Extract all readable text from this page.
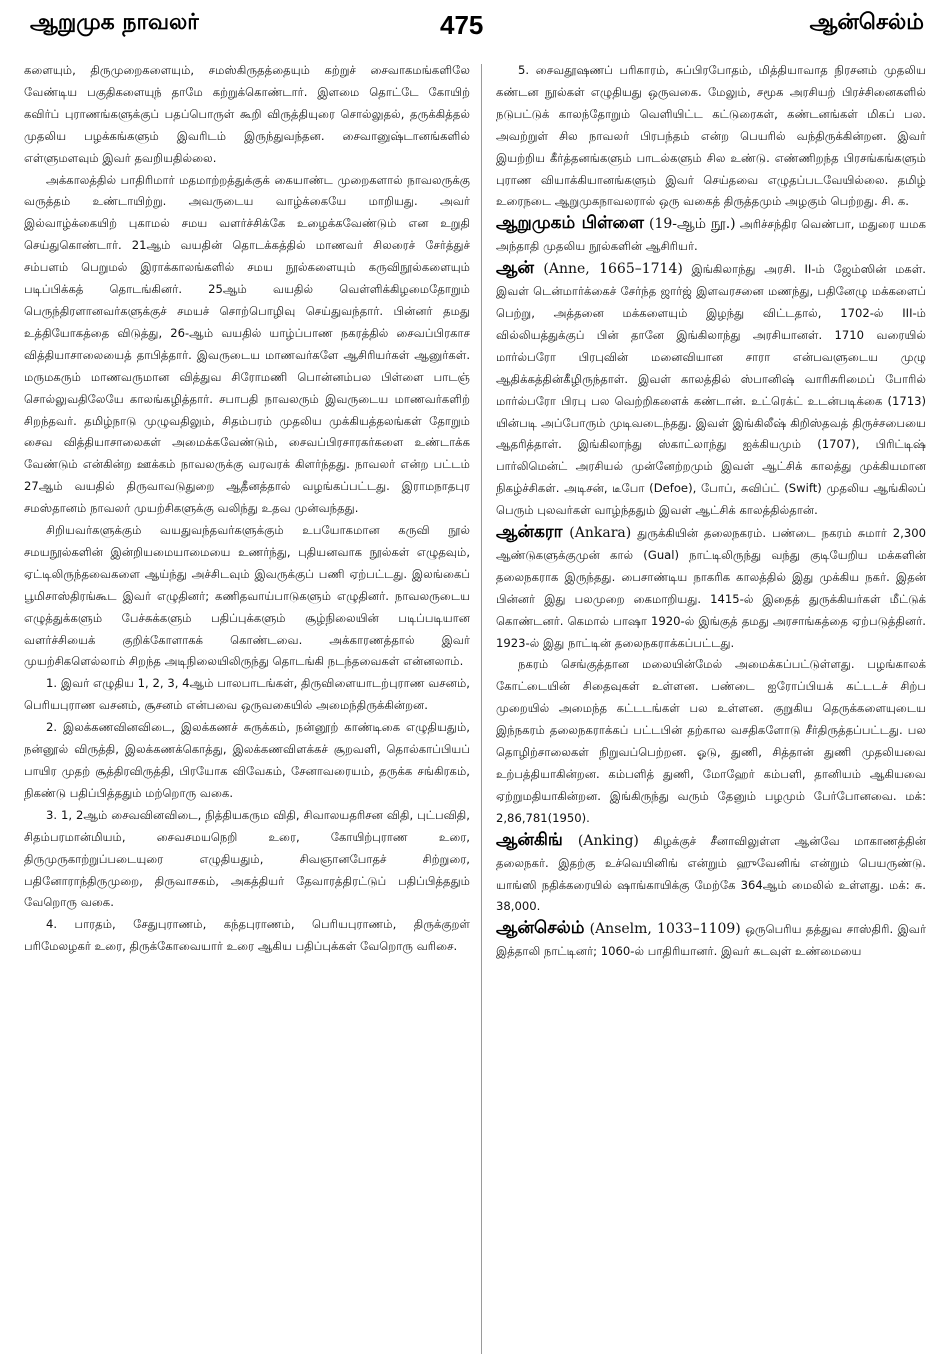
ஆறுமுக நாவலர்	475	ஆன்செல்ம்

களையும், திருமுறைகளையும், சமஸ்கிருதத்தையும் கற்றுச் சைவாகமங்களிலே வேண்டிய பகுதிகளையுந் தாமே கற்றுக்கொண்டார். இளமை தொட்டே கோயிற் கவிர்ப் புராணங்களுக்குப் பதப்பொருள் கூறி விருத்தியுரை சொல்லுதல், தருக்கித்தல் முதலிய பழக்கங்களும் இவரிடம் இருந்துவந்தன. சைவானுஷ்டானங்களில் எள்ளுமளவும் இவர் தவறியதில்லை.

அக்காலத்தில் பாதிரிமார் மதமாற்றத்துக்குக் கையாண்ட முறைகளால் நாவலருக்கு வருத்தம் உண்டாயிற்று. அவருடைய வாழ்க்கையே மாறியது. அவர் இல்வாழ்க்கையிற் புகாமல் சமய வளர்ச்சிக்கே உழைக்கவேண்டும் என உறுதி செய்துகொண்டார். 21ஆம் வயதின் தொடக்கத்தில் மாணவர் சிலரைச் சேர்த்துச் சம்பளம் பெறுமல் இராக்காலங்களில் சமய நூல்களையும் கருவிநூல்களையும் படிப்பிக்கத் தொடங்கினர். 25ஆம் வயதில் வெள்ளிக்கிழமைதோறும் பெருந்திரளானவர்களுக்குச் சமயச் சொற்பொழிவு செய்துவந்தார். பின்னர் தமது உத்தியோகத்தை விடுத்து, 26-ஆம் வயதில் யாழ்ப்பாண நகரத்தில் சைவப்பிரகாச வித்தியாசாலையைத் தாபித்தார். இவருடைய மாணவர்களே ஆசிரியர்கள் ஆனுர்கள். மருமகரும் மாணவருமான வித்துவ சிரோமணி பொன்னம்பல பிள்ளை பாடஞ் சொல்லுவதிலேயே காலங்கழித்தார். சபாபதி நாவலரும் இவருடைய மாணவர்களிற் சிறந்தவர். தமிழ்நாடு முழுவதிலும், சிதம்பரம் முதலிய முக்கியத்தலங்கள் தோறும் சைவ வித்தியாசாலைகள் அமைக்கவேண்டும், சைவப்பிரசாரகர்களை உண்டாக்க வேண்டும் என்கின்ற ஊக்கம் நாவலருக்கு வரவரக் கிளர்ந்தது. நாவலர் என்ற பட்டம் 27ஆம் வயதில் திருவாவடுதுறை ஆதீனத்தால் வழங்கப்பட்டது. இராமநாதபுர சமஸ்தானம் நாவலர் முயற்சிகளுக்கு வலிந்து உதவ முன்வந்தது.

சிறியவர்களுக்கும் வயதுவந்தவர்களுக்கும் உபயோகமான கருவி நூல் சமயநூல்களின் இன்றியமையாமையை உணர்ந்து, புதியனவாக நூல்கள் எழுதவும், ஏட்டிலிருந்தவைகளை ஆய்ந்து அச்சிடவும் இவருக்குப் பணி ஏற்பட்டது. இலங்கைப் பூமிசாஸ்திரங்கூட இவர் எழுதினர்; கணிதவாய்பாடுகளும் எழுதினர். நாவலருடைய எழுத்துக்களும் பேச்சுக்களும் பதிப்புக்களும் சூழ்நிலையின் படிப்படியான வளர்ச்சியைக் குறிக்கோளாகக் கொண்டவை. அக்காரணத்தால் இவர் முயற்சிகளெல்லாம் சிறந்த அடிநிலையிலிருந்து தொடங்கி நடந்தவைகள் என்னலாம்.

1. இவர் எழுதிய 1, 2, 3, 4ஆம் பாலபாடங்கள், திருவிளையாடற்புராண வசனம், பெரியபுராண வசனம், சூசனம் என்பவை ஒருவகையில் அமைந்திருக்கின்றன.

2. இலக்கணவினவிடை, இலக்கணச் சுருக்கம், நன்னூற் காண்டிகை எழுதியதும், நன்னூல் விருத்தி, இலக்கணக்கொத்து, இலக்கணவிளக்கச் சூறவளி, தொல்காப்பியப் பாயிர முதற் சூத்திரவிருத்தி, பிரயோக விவேகம், சேனாவரையம், தருக்க சங்கிரகம், நிகண்டு பதிப்பித்ததும் மற்றொரு வகை.

3. 1, 2ஆம் சைவவினவிடை, நித்தியகரும விதி, சிவாலயதரிசன விதி, புட்பவிதி, சிதம்பரமான்மியம், சைவசமயநெறி உரை, கோயிற்புராண உரை, திருமுருகாற்றுப்படையுரை எழுதியதும், சிவஞானபோதச் சிற்றுரை, பதினோராந்திருமுறை, திருவாசகம், அகத்தியர் தேவாரத்திரட்டுப் பதிப்பித்ததும் வேறொரு வகை.

4. பாரதம், சேதுபுராணம், கந்தபுராணம், பெரியபுராணம், திருக்குறள் பரிமேலழகர் உரை, திருக்கோவையார் உரை ஆகிய பதிப்புக்கள் வேறொரு வரிசை.

5. சைவதூஷணப் பரிகாரம், சுப்பிரபோதம், மித்தியாவாத நிரசனம் முதலிய கண்டன நூல்கள் எழுதியது ஒருவகை. மேலும், சமூக அரசியற் பிரச்சினைகளில் நடுபட்டுக் காலந்தோறும் வெளியிட்ட கட்டுரைகள், கண்டனங்கள் மிகப் பல. அவற்றுள் சில நாவலர் பிரபந்தம் என்ற பெயரில் வந்திருக்கின்றன. இவர் இயற்றிய கீர்த்தனங்களும் பாடல்களும் சில உண்டு. எண்ணிறந்த பிரசங்கங்களும் புராண வியாக்கியானங்களும் இவர் செய்தவை எழுதப்படவேயில்லை. தமிழ் உரைநடை ஆறுமுகநாவலரால் ஒரு வகைத் திருத்தமும் அழகும் பெற்றது. சி. க.

ஆறுமுகம் பிள்ளை (19-ஆம் நூ.) அரிச்சந்திர வெண்பா, மதுரை யமக அந்தாதி முதலிய நூல்களின் ஆசிரியர்.

ஆன் (Anne, 1665–1714) இங்கிலாந்து அரசி. II-ம் ஜேம்ஸின் மகள். இவள் டென்மார்க்கைச் சேர்ந்த ஜார்ஜ் இளவரசனை மணந்து, பதினேழு மக்களைப் பெற்று, அத்தனை மக்களையும் இழந்து விட்டதால், 1702-ல் III-ம் வில்லியத்துக்குப் பின் தானே இங்கிலாந்து அரசியானள். 1710 வரையில் மார்ல்பரோ பிரபுவின் மனைவியான சாரா என்பவளுடைய முழு ஆதிக்கத்தின்கீழிருந்தாள். இவள் காலத்தில் ஸ்பானிஷ் வாரிசுரிமைப் போரில் மார்ல்பரோ பிரபு பல வெற்றிகளைக் கண்டான். உட்ரெக்ட் உடன்படிக்கை (1713) யின்படி அப்போரும் முடிவடைந்தது. இவள் இங்கிலீஷ் கிறிஸ்தவத் திருச்சபையை ஆதரித்தாள். இங்கிலாந்து ஸ்காட்லாந்து ஐக்கியமும் (1707), பிரிட்டிஷ் பார்லிமென்ட் அரசியல் முன்னேற்றமும் இவள் ஆட்சிக் காலத்து முக்கியமான நிகழ்ச்சிகள். அடிசன், டீபோ (Defoe), போப், சுவிப்ட் (Swift) முதலிய ஆங்கிலப் பெரும் புலவர்கள் வாழ்ந்ததும் இவள் ஆட்சிக் காலத்தில்தான்.

ஆன்கரா (Ankara) துருக்கியின் தலைநகரம். பண்டை நகரம் சுமார் 2,300 ஆண்டுகளுக்குமுன் கால் (Gual) நாட்டிலிருந்து வந்து குடியேறிய மக்களின் தலைநகராக இருந்தது. பைசாண்டிய நாகரிக காலத்தில் இது முக்கிய நகர். இதன் பின்னர் இது பலமுறை கைமாறியது. 1415-ல் இதைத் துருக்கியர்கள் மீட்டுக் கொண்டனர். கெமால் பாஷா 1920-ல் இங்குத் தமது அரசாங்கத்தை ஏற்படுத்தினர். 1923-ல் இது நாட்டின் தலைநகராக்கப்பட்டது.

நகரம் செங்குத்தான மலையின்மேல் அமைக்கப்பட்டுள்ளது. பழங்காலக் கோட்டையின் சிதைவுகள் உள்ளன. பண்டை ஐரோப்பியக் கட்டடச் சிற்ப முறையில் அமைந்த கட்டடங்கள் பல உள்ளன. குறுகிய தெருக்களையுடைய இந்நகரம் தலைநகராக்கப் பட்டபின் தற்கால வசதிகளோடு சீர்திருத்தப்பட்டது. பல தொழிற்சாலைகள் நிறுவப்பெற்றன. ஓடு, துணி, சித்தான் துணி முதலியவை உற்பத்தியாகின்றன. கம்பளித் துணி, மோஹேர் கம்பளி, தானியம் ஆகியவை ஏற்றுமதியாகின்றன. இங்கிருந்து வரும் தேனும் பழமும் பேர்போனவை. மக்: 2,86,781(1950).

ஆன்கிங் (Anking) கிழக்குச் சீனாவிலுள்ள ஆன்வே மாகாணத்தின் தலைநகர். இதற்கு உச்வெயினிங் என்றும் ஹுவேனிங் என்றும் பெயருண்டு. யாங்ஸி நதிக்கரையில் ஷாங்காயிக்கு மேற்கே 364ஆம் மைலில் உள்ளது. மக்: சு. 38,000.

ஆன்செல்ம் (Anselm, 1033–1109) ஒருபெரிய தத்துவ சாஸ்திரி. இவர் இத்தாலி நாட்டினர்; 1060-ல் பாதிரியானர். இவர் கடவுள் உண்மையை
